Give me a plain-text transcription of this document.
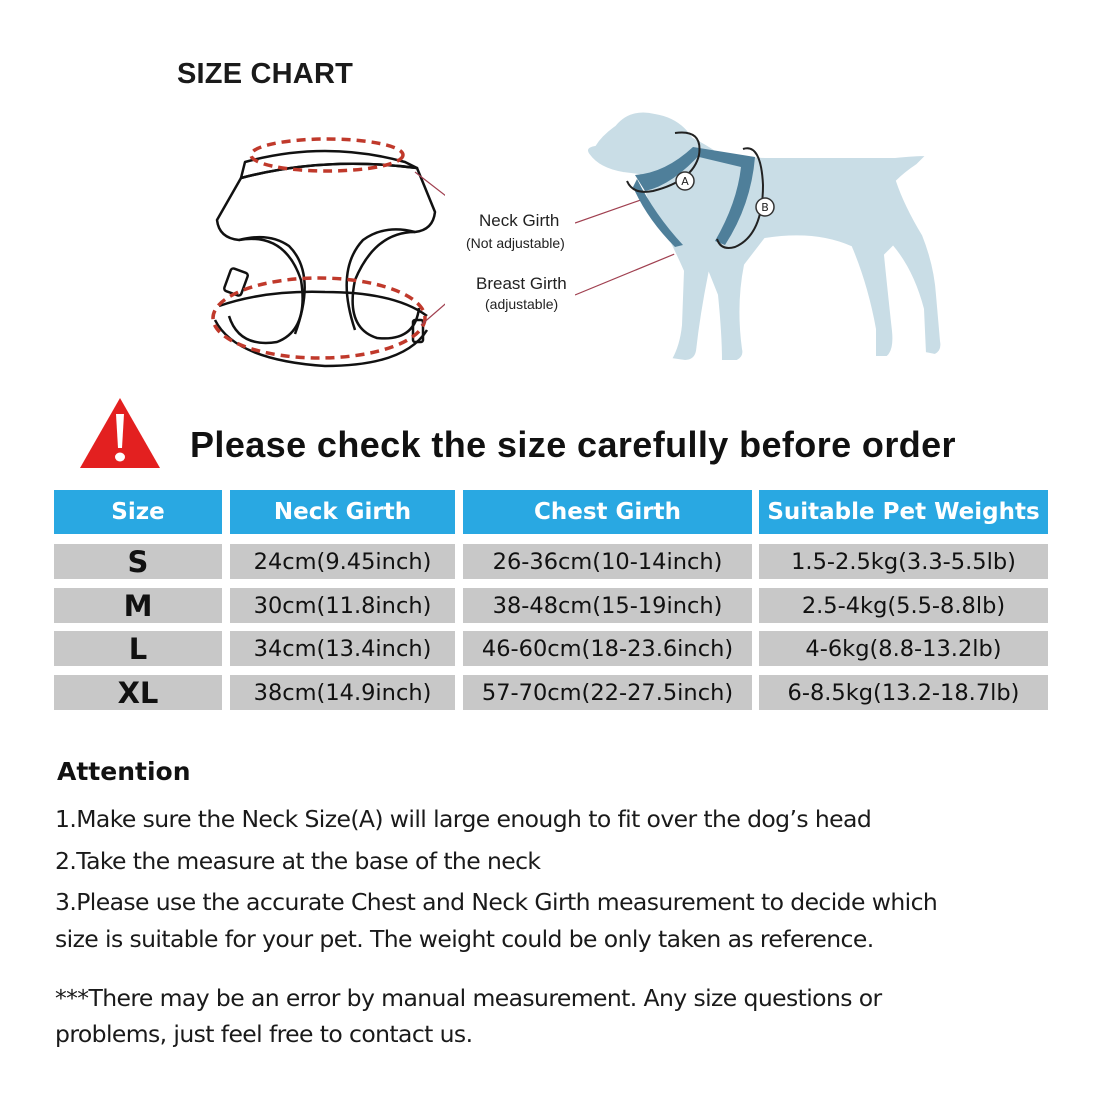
SIZE CHART
Neck Girth
(Not adjustable)
Breast Girth
(adjustable)
A
B
Please check the size carefully before order
Size	Neck Girth	Chest Girth	Suitable Pet Weights
S	24cm(9.45inch)	26-36cm(10-14inch)	1.5-2.5kg(3.3-5.5lb)
M	30cm(11.8inch)	38-48cm(15-19inch)	2.5-4kg(5.5-8.8lb)
L	34cm(13.4inch)	46-60cm(18-23.6inch)	4-6kg(8.8-13.2lb)
XL	38cm(14.9inch)	57-70cm(22-27.5inch)	6-8.5kg(13.2-18.7lb)
Attention
1.Make sure the Neck Size(A) will large enough to fit over the dog’s head
2.Take the measure at the base of the neck
3.Please use the accurate Chest and Neck Girth measurement to decide which
size is suitable for your pet. The weight could be only taken as reference.
***There may be an error by manual measurement. Any size questions or
problems, just feel free to contact us.
